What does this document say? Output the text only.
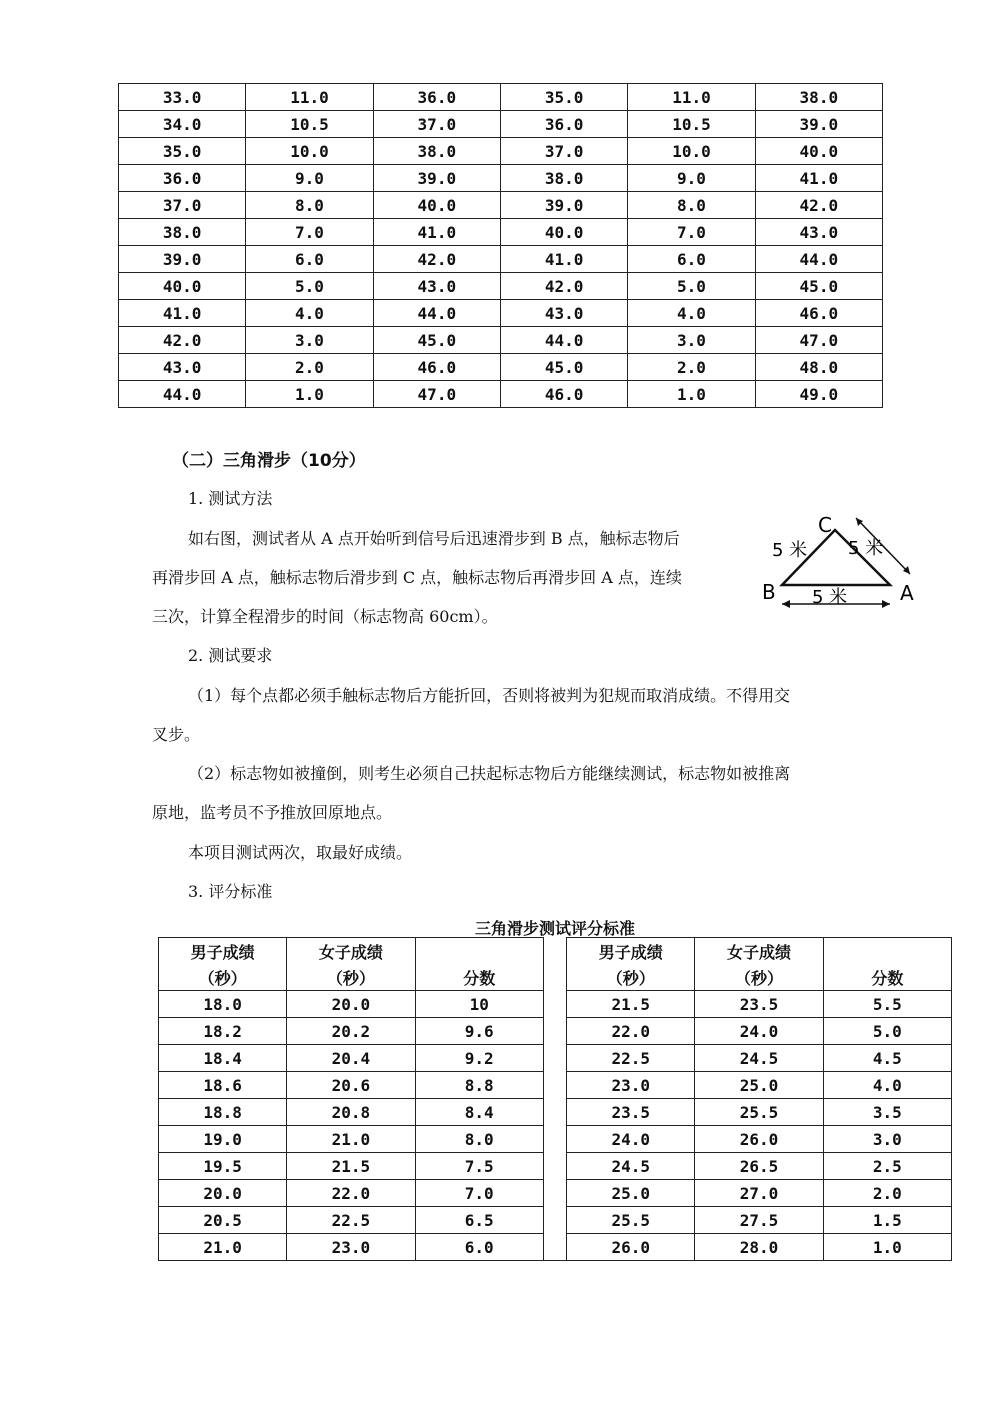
33.0	11.0	36.0	35.0	11.0	38.0
34.0	10.5	37.0	36.0	10.5	39.0
35.0	10.0	38.0	37.0	10.0	40.0
36.0	9.0	39.0	38.0	9.0	41.0
37.0	8.0	40.0	39.0	8.0	42.0
38.0	7.0	41.0	40.0	7.0	43.0
39.0	6.0	42.0	41.0	6.0	44.0
40.0	5.0	43.0	42.0	5.0	45.0
41.0	4.0	44.0	43.0	4.0	46.0
42.0	3.0	45.0	44.0	3.0	47.0
43.0	2.0	46.0	45.0	2.0	48.0
44.0	1.0	47.0	46.0	1.0	49.0
（二）三角滑步（10分）
1. 测试方法
如右图，测试者从 A 点开始听到信号后迅速滑步到 B 点，触标志物后
再滑步回 A 点，触标志物后滑步到 C 点，触标志物后再滑步回 A 点，连续
三次，计算全程滑步的时间（标志物高 60cm）。
C
B	A
5 米 5 米
5 米
2. 测试要求
（1）每个点都必须手触标志物后方能折回，否则将被判为犯规而取消成绩。不得用交
叉步。
（2）标志物如被撞倒，则考生必须自己扶起标志物后方能继续测试，标志物如被推离
原地，监考员不予推放回原地点。
本项目测试两次，取最好成绩。
3. 评分标准
三角滑步测试评分标准
男子成绩	女子成绩			男子成绩	女子成绩	
（秒）	（秒）	分数		（秒）	（秒）	分数
18.0	20.0	10		21.5	23.5	5.5
18.2	20.2	9.6		22.0	24.0	5.0
18.4	20.4	9.2		22.5	24.5	4.5
18.6	20.6	8.8		23.0	25.0	4.0
18.8	20.8	8.4		23.5	25.5	3.5
19.0	21.0	8.0		24.0	26.0	3.0
19.5	21.5	7.5		24.5	26.5	2.5
20.0	22.0	7.0		25.0	27.0	2.0
20.5	22.5	6.5		25.5	27.5	1.5
21.0	23.0	6.0		26.0	28.0	1.0
